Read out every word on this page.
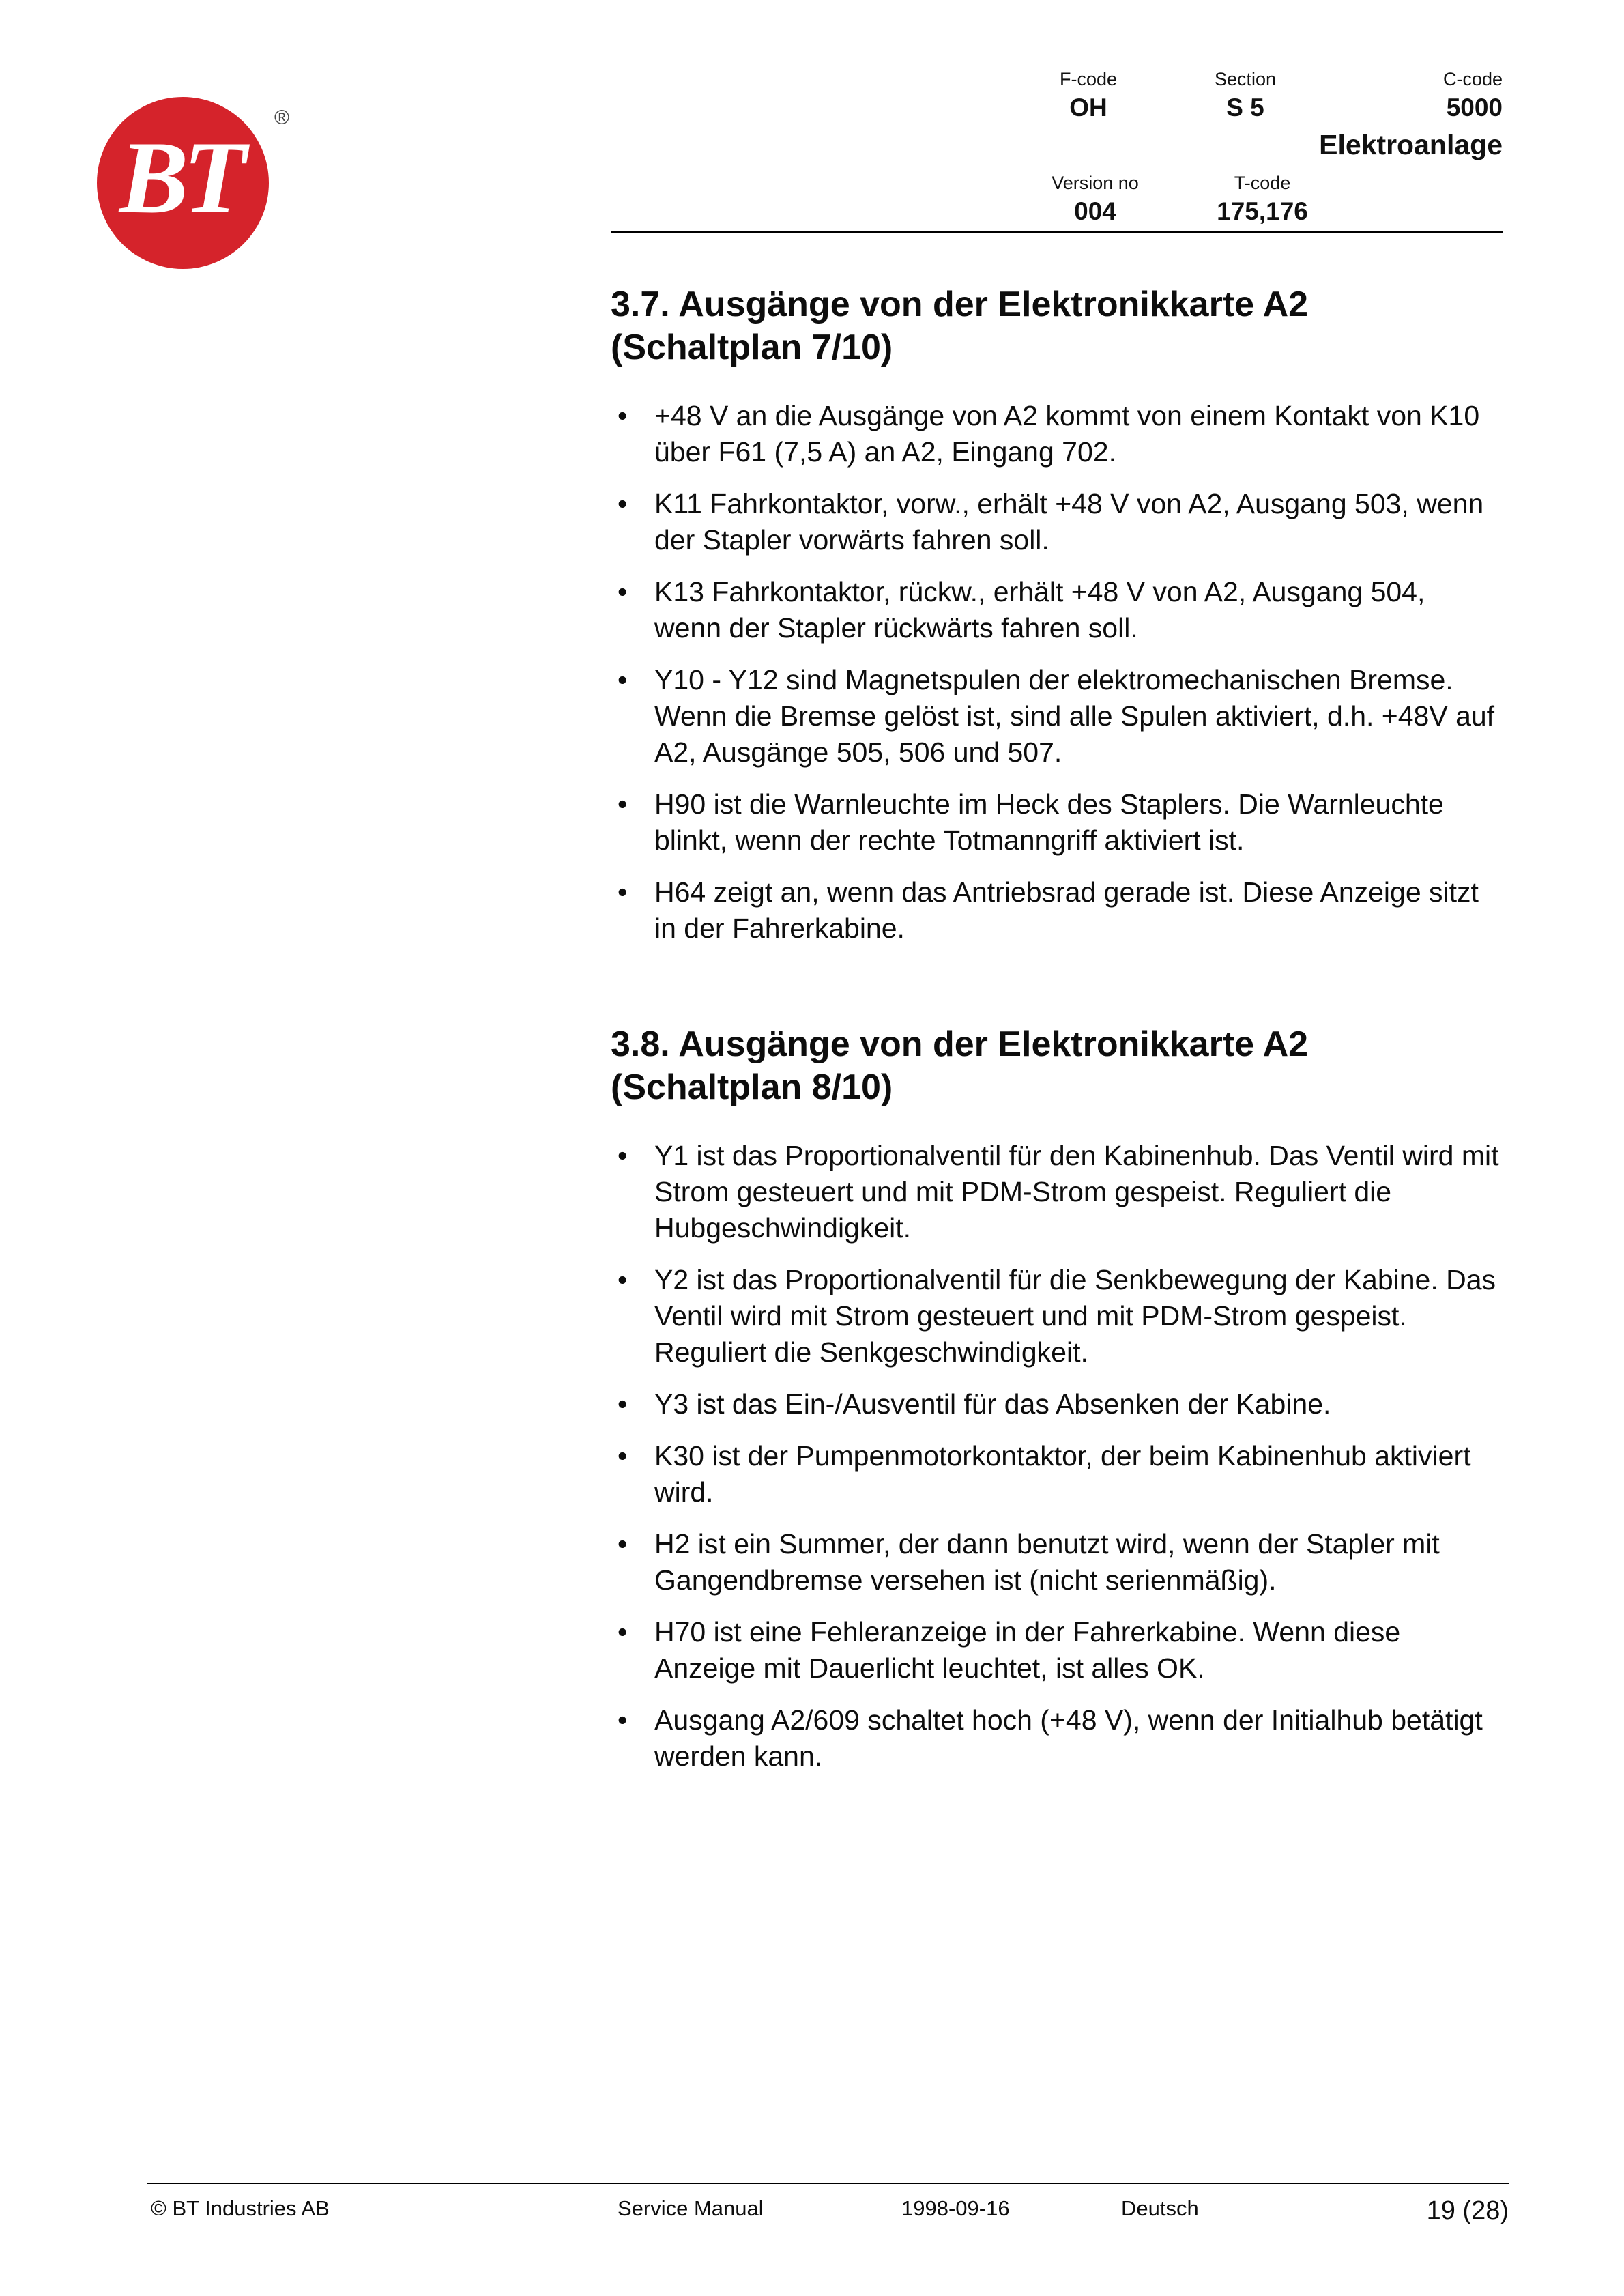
BT
®
F-code
OH
Section
S 5
C-code
5000
Elektroanlage
Version no
004
T-code
175,176
3.7. Ausgänge von der Elektronikkarte A2 (Schaltplan 7/10)
• +48 V an die Ausgänge von A2 kommt von einem Kontakt von K10 über F61 (7,5 A) an A2, Eingang 702.
• K11 Fahrkontaktor, vorw., erhält +48 V von A2, Ausgang 503, wenn der Stapler vorwärts fahren soll.
• K13 Fahrkontaktor, rückw., erhält +48 V von A2, Ausgang 504, wenn der Stapler rückwärts fahren soll.
• Y10 - Y12 sind Magnetspulen der elektromechanischen Bremse. Wenn die Bremse gelöst ist, sind alle Spulen aktiviert, d.h. +48V auf A2, Ausgänge 505, 506 und 507.
• H90 ist die Warnleuchte im Heck des Staplers. Die Warnleuchte blinkt, wenn der rechte Totmanngriff aktiviert ist.
• H64 zeigt an, wenn das Antriebsrad gerade ist. Diese Anzeige sitzt in der Fahrerkabine.
3.8. Ausgänge von der Elektronikkarte A2 (Schaltplan 8/10)
• Y1 ist das Proportionalventil für den Kabinenhub. Das Ventil wird mit Strom gesteuert und mit PDM-Strom gespeist. Reguliert die Hubgeschwindigkeit.
• Y2 ist das Proportionalventil für die Senkbewegung der Kabine. Das Ventil wird mit Strom gesteuert und mit PDM-Strom gespeist. Reguliert die Senkgeschwindigkeit.
• Y3 ist das Ein-/Ausventil für das Absenken der Kabine.
• K30 ist der Pumpenmotorkontaktor, der beim Kabinenhub aktiviert wird.
• H2 ist ein Summer, der dann benutzt wird, wenn der Stapler mit Gangendbremse versehen ist (nicht serienmäßig).
• H70 ist eine Fehleranzeige in der Fahrerkabine. Wenn diese Anzeige mit Dauerlicht leuchtet, ist alles OK.
• Ausgang A2/609 schaltet hoch (+48 V), wenn der Initialhub betätigt werden kann.
© BT Industries AB	Service Manual	1998-09-16	Deutsch	19 (28)
